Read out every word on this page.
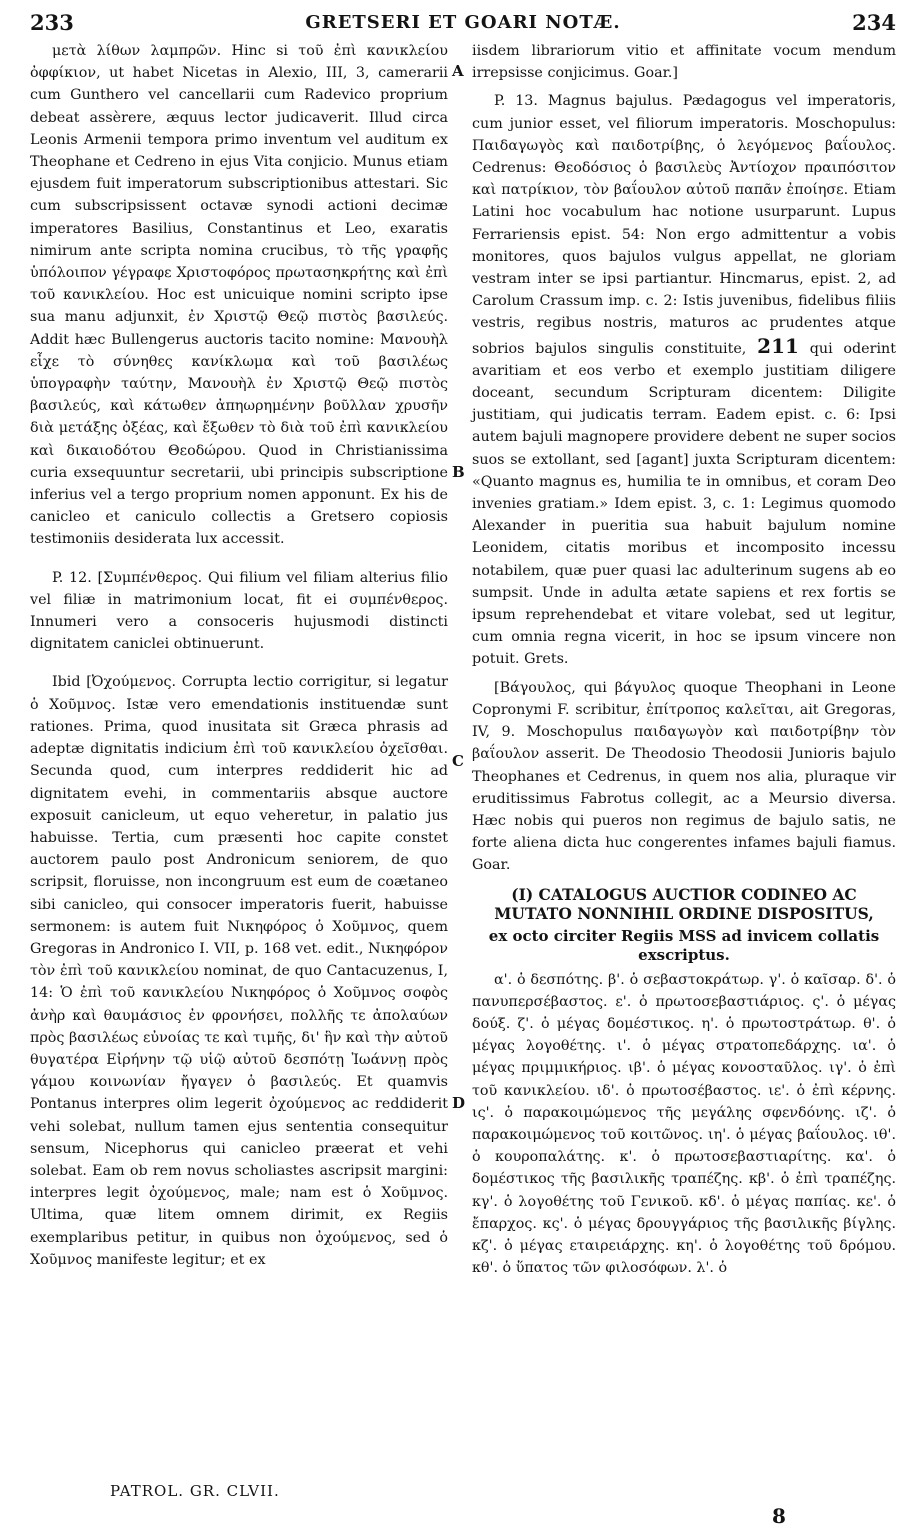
233	GRETSERI ET GOARI NOTÆ.	234

μετὰ λίθων λαμπρῶν. Hinc si τοῦ ἐπὶ κανικλείου ὀφφίκιον, ut habet Nicetas in Alexio, III, 3, camerarii cum Gunthero vel cancellarii cum Radevico proprium debeat assèrere, æquus lector judicaverit. Illud circa Leonis Armenii tempora primo inventum vel auditum ex Theophane et Cedreno in ejus Vita conjicio. Munus etiam ejusdem fuit imperatorum subscriptionibus attestari. Sic cum subscripsissent octavæ synodi actioni decimæ imperatores Basilius, Constantinus et Leo, exaratis nimirum ante scripta nomina crucibus, τὸ τῆς γραφῆς ὑπόλοιπον γέγραφε Χριστοφόρος πρωτασηκρήτης καὶ ἐπὶ τοῦ κανικλείου. Hoc est unicuique nomini scripto ipse sua manu adjunxit, ἐν Χριστῷ Θεῷ πιστὸς βασιλεύς. Addit hæc Bullengerus auctoris tacito nomine: Μανουὴλ εἶχε τὸ σύνηθες κανίκλωμα καὶ τοῦ βασιλέως ὑπογραφὴν ταύτην, Μανουὴλ ἐν Χριστῷ Θεῷ πιστὸς βασιλεύς, καὶ κάτωθεν ἀπηωρημένην βοῦλλαν χρυσῆν διὰ μετάξης ὀξέας, καὶ ἔξωθεν τὸ διὰ τοῦ ἐπὶ κανικλείου καὶ δικαιοδότου Θεοδώρου. Quod in Christianissima curia exsequuntur secretarii, ubi principis subscriptione inferius vel a tergo proprium nomen apponunt. Ex his de canicleo et caniculo collectis a Gretsero copiosis testimoniis desiderata lux accessit.

P. 12. [Συμπένθερος. Qui filium vel filiam alterius filio vel filiæ in matrimonium locat, fit ei συμπένθερος. Innumeri vero a consoceris hujusmodi distincti dignitatem caniclei obtinuerunt.

Ibid [Ὀχούμενος. Corrupta lectio corrigitur, si legatur ὁ Χοῦμνος. Istæ vero emendationis instituendæ sunt rationes. Prima, quod inusitata sit Græca phrasis ad adeptæ dignitatis indicium ἐπὶ τοῦ κανικλείου ὀχεῖσθαι. Secunda quod, cum interpres reddiderit hic ad dignitatem evehi, in commentariis absque auctore exposuit canicleum, ut equo veheretur, in palatio jus habuisse. Tertia, cum præsenti hoc capite constet auctorem paulo post Andronicum seniorem, de quo scripsit, floruisse, non incongruum est eum de coætaneo sibi canicleo, qui consocer imperatoris fuerit, habuisse sermonem: is autem fuit Νικηφόρος ὁ Χοῦμνος, quem Gregoras in Andronico I. VII, p. 168 vet. edit., Νικηφόρον τὸν ἐπὶ τοῦ κανικλείου nominat, de quo Cantacuzenus, I, 14: Ὁ ἐπὶ τοῦ κανικλείου Νικηφόρος ὁ Χοῦμνος σοφὸς ἀνὴρ καὶ θαυμάσιος ἐν φρονήσει, πολλῆς τε ἀπολαύων πρὸς βασιλέως εὐνοίας τε καὶ τιμῆς, δι' ἣν καὶ τὴν αὐτοῦ θυγατέρα Εἰρήνην τῷ υἱῷ αὐτοῦ δεσπότῃ Ἰωάννῃ πρὸς γάμου κοινωνίαν ἤγαγεν ὁ βασιλεύς. Et quamvis Pontanus interpres olim legerit ὀχούμενος ac reddiderit vehi solebat, nullum tamen ejus sententia consequitur sensum, Nicephorus qui canicleo præerat et vehi solebat. Eam ob rem novus scholiastes ascripsit marginі: interpres legit ὀχούμενος, male; nam est ὁ Χοῦμνος. Ultima, quæ litem omnem dirimit, ex Regiis exemplaribus petitur, in quibus non ὀχούμενος, sed ὁ Χοῦμνος manifeste legitur; et ex

iisdem librariorum vitio et affinitate vocum mendum irrepsisse conjicimus. Goar.]

P. 13. Magnus bajulus. Pædagogus vel imperatoris, cum junior esset, vel filiorum imperatoris. Moschopulus: Παιδαγωγὸς καὶ παιδοτρίβης, ὁ λεγόμενος βαΐουλος. Cedrenus: Θεοδόσιος ὁ βασιλεὺς Ἀντίοχον πραιπόσιτον καὶ πατρίκιον, τὸν βαΐουλον αὐτοῦ παπᾶν ἐποίησε. Etiam Latini hoc vocabulum hac notione usurparunt. Lupus Ferrariensis epist. 54: Non ergo admittentur a vobis monitores, quos bajulos vulgus appellat, ne gloriam vestram inter se ipsi partiantur. Hincmarus, epist. 2, ad Carolum Crassum imp. c. 2: Istis juvenibus, fidelibus filiis vestris, regibus nostris, maturos ac prudentes atque sobrios bajulos singulis constituite, 211 qui oderint avaritiam et eos verbo et exemplo justitiam diligere doceant, secundum Scripturam dicentem: Diligite justitiam, qui judicatis terram. Eadem epist. c. 6: Ipsi autem bajuli magnopere providere debent ne super socios suos se extollant, sed [agant] juxta Scripturam dicentem: «Quanto magnus es, humilia te in omnibus, et coram Deo invenies gratiam.» Idem epist. 3, c. 1: Legimus quomodo Alexander in pueritia sua habuit bajulum nomine Leonidem, citatis moribus et incomposito incessu notabilem, quæ puer quasi lac adulterinum sugens ab eo sumpsit. Unde in adulta ætate sapiens et rex fortis se ipsum reprehendebat et vitare volebat, sed ut legitur, cum omnia regna vicerit, in hoc se ipsum vincere non potuit. Grets.

[Βάγουλος, qui βάγυλος quoque Theophani in Leone Copronymi F. scribitur, ἐπίτροπος καλεῖται, ait Gregoras, IV, 9. Moschopulus παιδαγωγὸν καὶ παιδοτρίβην τὸν βαΐουλον asserit. De Theodosio Theodosii Junioris bajulo Theophanes et Cedrenus, in quem nos alia, pluraque vir eruditissimus Fabrotus collegit, ac a Meursio diversa. Hæc nobis qui pueros non regimus de bajulo satis, ne forte aliena dicta huc congerentes infames bajuli fiamus. Goar.

(I) CATALOGUS AUCTIOR CODINEO AC MUTATO NONNIHIL ORDINE DISPOSITUS,
ex octo circiter Regiis MSS ad invicem collatis exscriptus.

α'. ὁ δεσπότης. β'. ὁ σεβαστοκράτωρ. γ'. ὁ καῖσαρ. δ'. ὁ πανυπερσέβαστος. ε'. ὁ πρωτοσεβαστιάριος. ς'. ὁ μέγας δούξ. ζ'. ὁ μέγας δομέστικος. η'. ὁ πρωτοστράτωρ. θ'. ὁ μέγας λογοθέτης. ι'. ὁ μέγας στρατοπεδάρχης. ια'. ὁ μέγας πριμμικήριος. ιβ'. ὁ μέγας κονοσταῦλος. ιγ'. ὁ ἐπὶ τοῦ κανικλείου. ιδ'. ὁ πρωτοσέβαστος. ιε'. ὁ ἐπὶ κέρνης. ις'. ὁ παρακοιμώμενος τῆς μεγάλης σφενδόνης. ιζ'. ὁ παρακοιμώμενος τοῦ κοιτῶνος. ιη'. ὁ μέγας βαΐουλος. ιθ'. ὁ κουροπαλάτης. κ'. ὁ πρωτοσεβαστιαρίτης. κα'. ὁ δομέστικος τῆς βασιλικῆς τραπέζης. κβ'. ὁ ἐπὶ τραπέζης. κγ'. ὁ λογοθέτης τοῦ Γενικοῦ. κδ'. ὁ μέγας παπίας. κε'. ὁ ἔπαρχος. κς'. ὁ μέγας δρουγγάριος τῆς βασιλικῆς βίγλης. κζ'. ὁ μέγας εταιρειάρχης. κη'. ὁ λογοθέτης τοῦ δρόμου. κθ'. ὁ ὕπατος τῶν φιλοσόφων. λ'. ὁ

A
B
C
D
PATROL. GR. CLVII.
8
